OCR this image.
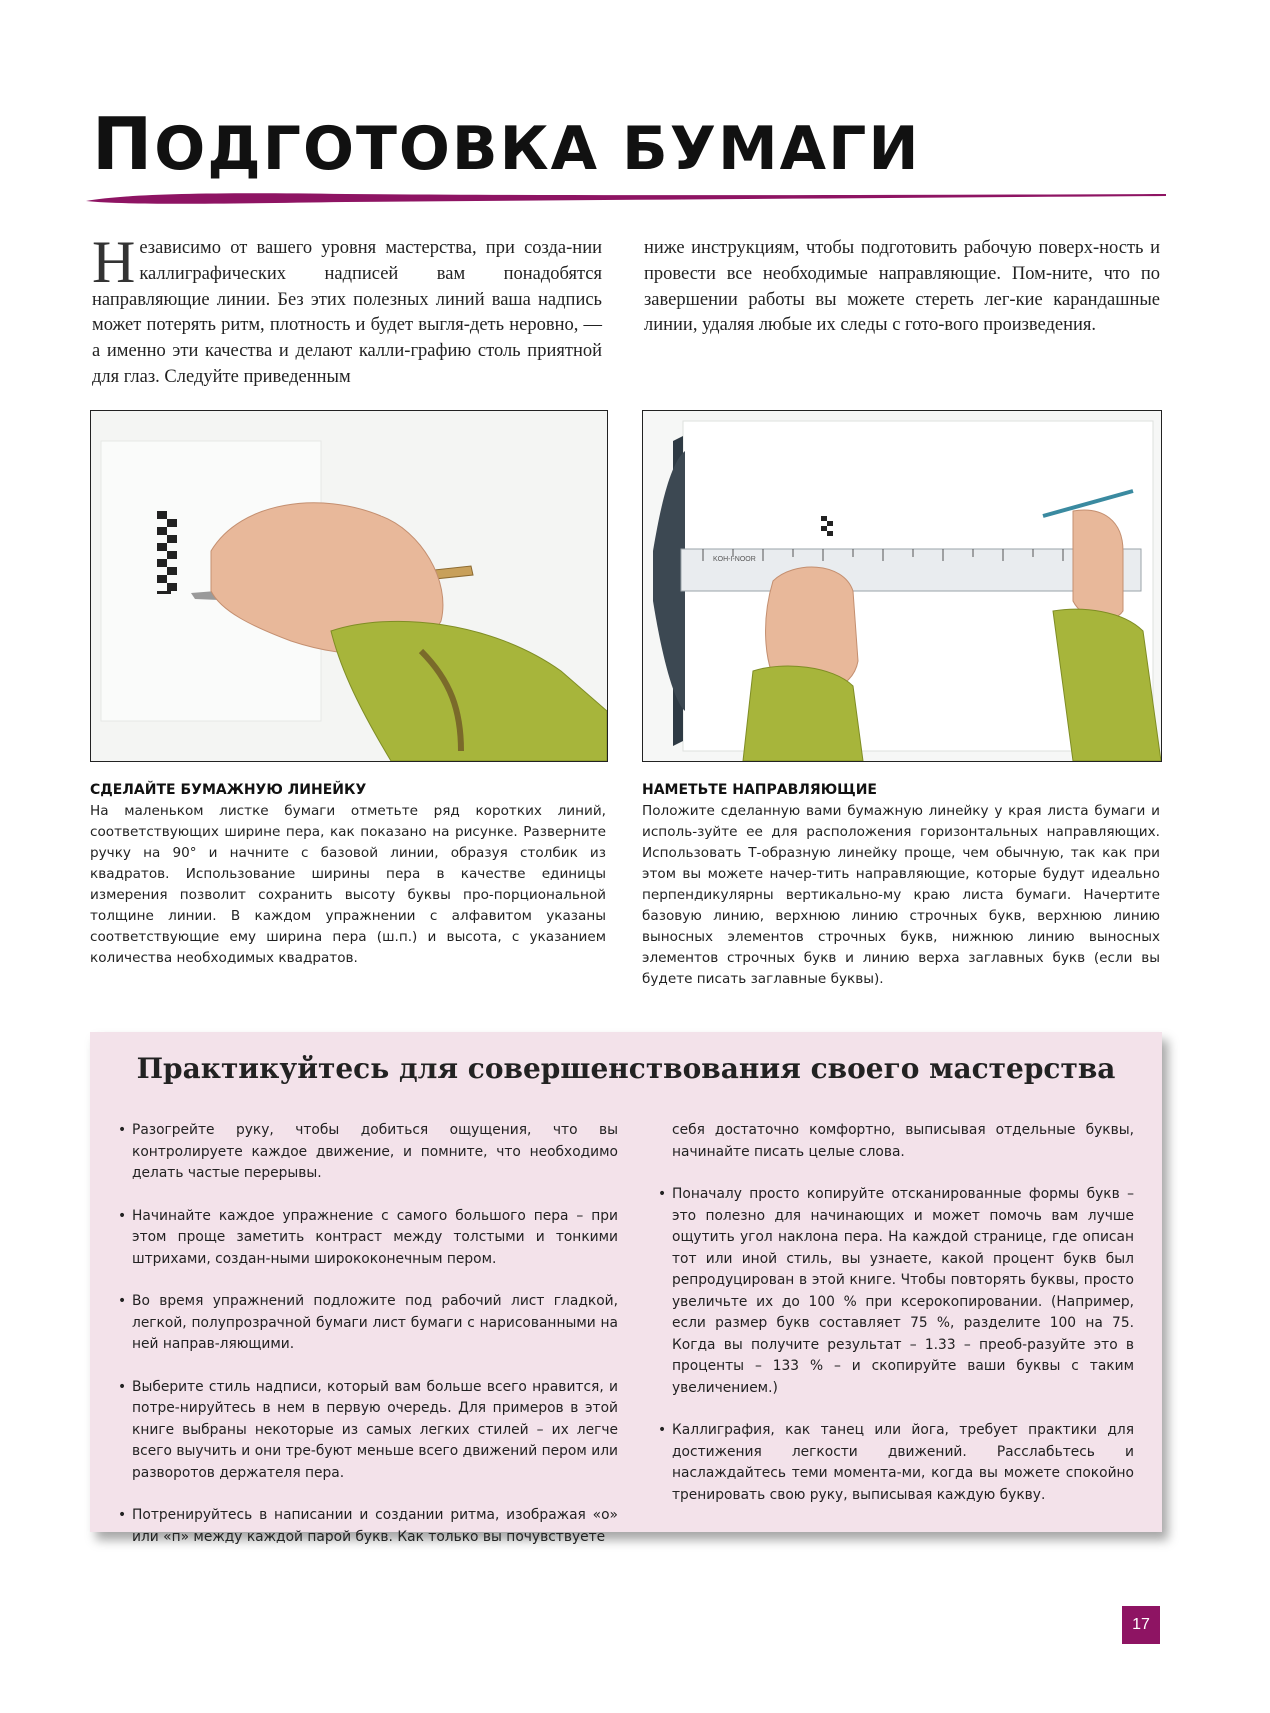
ПОДГОТОВКА БУМАГИ
Независимо от вашего уровня мастерства, при созда-нии каллиграфических надписей вам понадобятся направляющие линии. Без этих полезных линий ваша надпись может потерять ритм, плотность и будет выгля-деть неровно, — а именно эти качества и делают калли-графию столь приятной для глаз. Следуйте приведенным
ниже инструкциям, чтобы подготовить рабочую поверх-ность и провести все необходимые направляющие. Пом-ните, что по завершении работы вы можете стереть лег-кие карандашные линии, удаляя любые их следы с гото-вого произведения.
KOH-I-NOOR
СДЕЛАЙТЕ БУМАЖНУЮ ЛИНЕЙКУ
На маленьком листке бумаги отметьте ряд коротких линий, соответствующих ширине пера, как показано на рисунке. Разверните ручку на 90° и начните с базовой линии, образуя столбик из квадратов. Использование ширины пера в качестве единицы измерения позволит сохранить высоту буквы про-порциональной толщине линии. В каждом упражнении с алфавитом указаны соответствующие ему ширина пера (ш.п.) и высота, с указанием количества необходимых квадратов.
НАМЕТЬТЕ НАПРАВЛЯЮЩИЕ
Положите сделанную вами бумажную линейку у края листа бумаги и исполь-зуйте ее для расположения горизонтальных направляющих. Использовать Т-образную линейку проще, чем обычную, так как при этом вы можете начер-тить направляющие, которые будут идеально перпендикулярны вертикально-му краю листа бумаги. Начертите базовую линию, верхнюю линию строчных букв, верхнюю линию выносных элементов строчных букв, нижнюю линию выносных элементов строчных букв и линию верха заглавных букв (если вы будете писать заглавные буквы).
Практикуйтесь для совершенствования своего мастерства

• Разогрейте руку, чтобы добиться ощущения, что вы контролируете каждое движение, и помните, что необходимо делать частые перерывы.

• Начинайте каждое упражнение с самого большого пера – при этом проще заметить контраст между толстыми и тонкими штрихами, создан-ными ширококонечным пером.

• Во время упражнений подложите под рабочий лист гладкой, легкой, полупрозрачной бумаги лист бумаги с нарисованными на ней направ-ляющими.

• Выберите стиль надписи, который вам больше всего нравится, и потре-нируйтесь в нем в первую очередь. Для примеров в этой книге выбраны некоторые из самых легких стилей – их легче всего выучить и они тре-буют меньше всего движений пером или разворотов держателя пера.

• Потренируйтесь в написании и создании ритма, изображая «о» или «п» между каждой парой букв. Как только вы почувствуете

себя достаточно комфортно, выписывая отдельные буквы, начинайте писать целые слова.

• Поначалу просто копируйте отсканированные формы букв – это полезно для начинающих и может помочь вам лучше ощутить угол наклона пера. На каждой странице, где описан тот или иной стиль, вы узнаете, какой процент букв был репродуцирован в этой книге. Чтобы повторять буквы, просто увеличьте их до 100 % при ксерокопировании. (Например, если размер букв составляет 75 %, разделите 100 на 75. Когда вы получите результат – 1.33 – преоб-разуйте это в проценты – 133 % – и скопируйте ваши буквы с таким увеличением.)

• Каллиграфия, как танец или йога, требует практики для достижения легкости движений. Расслабьтесь и наслаждайтесь теми момента-ми, когда вы можете спокойно тренировать свою руку, выписывая каждую букву.

17
